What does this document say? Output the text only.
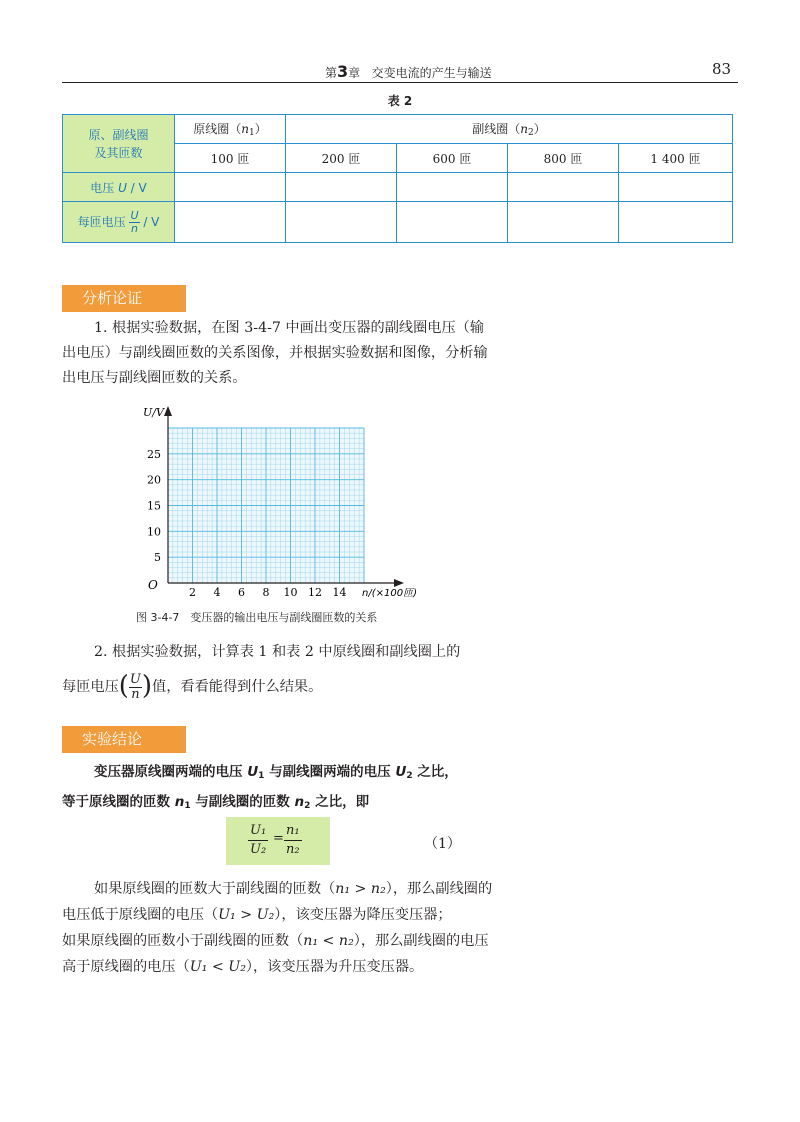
第3章 交变电流的产生与输送	83
表 2
原、副线圈
及其匝数	原线圈$(n_1)$	副线圈$(n_2)$			
	100 匝	200 匝	600 匝	800 匝	1 400 匝
电压 U / V					
每匝电压 $\frac{U}{n}$ / V					
分析论证
1. 根据实验数据，在图 3-4-7 中画出变压器的副线圈电压（输出电压）与副线圈匝数的关系图像，并根据实验数据和图像，分析输出电压与副线圈匝数的关系。
2 4 6 8 10 12 14
5
10
15
20
25
U/V
O
n/(×100匝)
图 3-4-7　变压器的输出电压与副线圈匝数的关系
2. 根据实验数据，计算表 1 和表 2 中原线圈和副线圈上的
每匝电压( $\frac{U}{n}$ )值，看看能得到什么结果。
实验结论
变压器原线圈两端的电压 $U_1$ 与副线圈两端的电压 $U_2$ 之比，
等于原线圈的匝数 $n_1$ 与副线圈的匝数 $n_2$ 之比，即
$\frac{\text{U₁}}{\text{U₂}} = \frac{\text{n₁}}{\text{n₂}}$	（1）
如果原线圈的匝数大于副线圈的匝数（n₁ > n₂），那么副线圈的电压低于原线圈的电压（U₁ > U₂），该变压器为降压变压器；
如果原线圈的匝数小于副线圈的匝数（n₁ < n₂），那么副线圈的电压高于原线圈的电压（U₁ < U₂），该变压器为升压变压器。
